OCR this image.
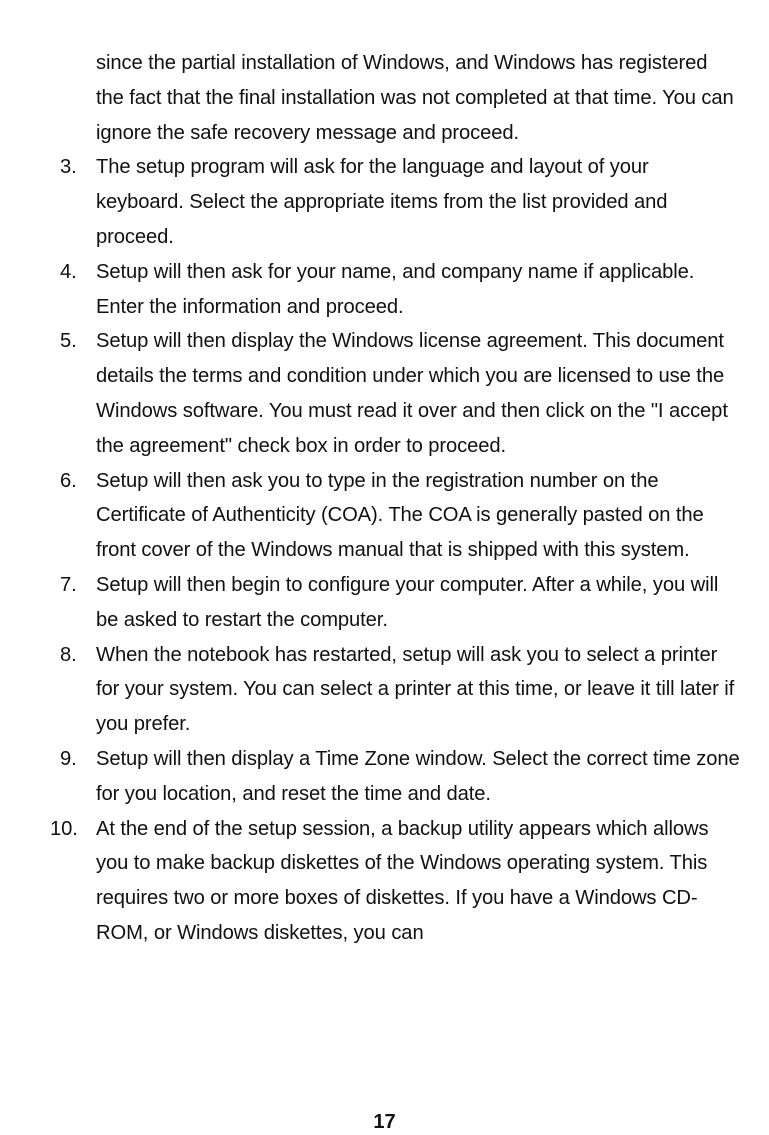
since the partial installation of Windows, and Windows has registered the fact that the final installation was not completed at that time. You can ignore the safe recovery message and proceed.

3. The setup program will ask for the language and layout of your keyboard. Select the appropriate items from the list provided and proceed.
4. Setup will then ask for your name, and company name if applicable. Enter the information and proceed.
5. Setup will then display the Windows license agreement. This document details the terms and condition under which you are licensed to use the Windows software. You must read it over and then click on the "I accept the agreement" check box in order to proceed.
6. Setup will then ask you to type in the registration number on the Certificate of Authenticity (COA). The COA is generally pasted on the front cover of the Windows manual that is shipped with this system.
7. Setup will then begin to configure your computer. After a while, you will be asked to restart the computer.
8. When the notebook has restarted, setup will ask you to select a printer for your system. You can select a printer at this time, or leave it till later if you prefer.
9. Setup will then display a Time Zone window. Select the correct time zone for you location, and reset the time and date.
10. At the end of the setup session, a backup utility appears which allows you to make backup diskettes of the Windows operating system. This requires two or more boxes of diskettes. If you have a Windows CD-ROM, or Windows diskettes, you can
17
